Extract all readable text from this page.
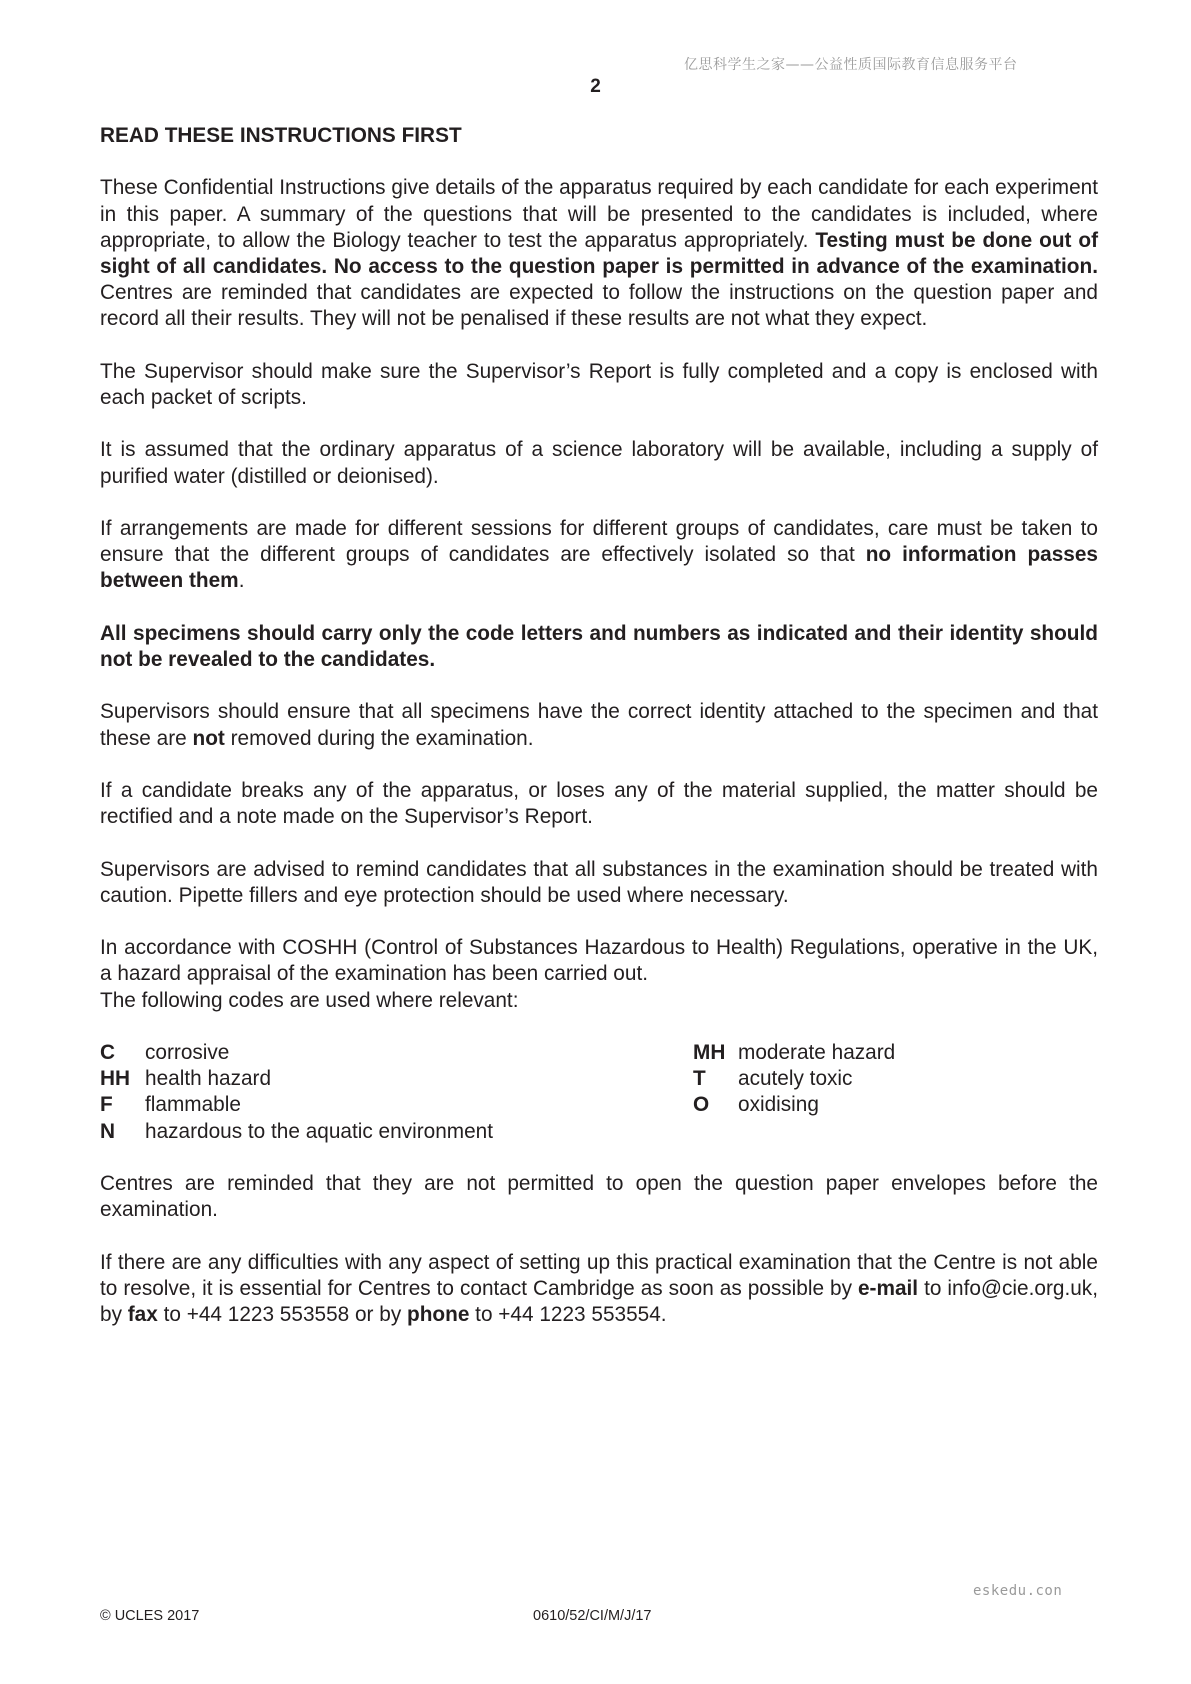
亿思科学生之家——公益性质国际教育信息服务平台
2
READ THESE INSTRUCTIONS FIRST

These Confidential Instructions give details of the apparatus required by each candidate for each experiment in this paper. A summary of the questions that will be presented to the candidates is included, where appropriate, to allow the Biology teacher to test the apparatus appropriately. Testing must be done out of sight of all candidates. No access to the question paper is permitted in advance of the examination. Centres are reminded that candidates are expected to follow the instructions on the question paper and record all their results. They will not be penalised if these results are not what they expect.

The Supervisor should make sure the Supervisor’s Report is fully completed and a copy is enclosed with each packet of scripts.

It is assumed that the ordinary apparatus of a science laboratory will be available, including a supply of purified water (distilled or deionised).

If arrangements are made for different sessions for different groups of candidates, care must be taken to ensure that the different groups of candidates are effectively isolated so that no information passes between them.

All specimens should carry only the code letters and numbers as indicated and their identity should not be revealed to the candidates.

Supervisors should ensure that all specimens have the correct identity attached to the specimen and that these are not removed during the examination.

If a candidate breaks any of the apparatus, or loses any of the material supplied, the matter should be rectified and a note made on the Supervisor’s Report.

Supervisors are advised to remind candidates that all substances in the examination should be treated with caution. Pipette fillers and eye protection should be used where necessary.

In accordance with COSHH (Control of Substances Hazardous to Health) Regulations, operative in the UK, a hazard appraisal of the examination has been carried out.
The following codes are used where relevant:

C corrosive
HH health hazard
F flammable
N hazardous to the aquatic environment
MH moderate hazard
T acutely toxic
O oxidising

Centres are reminded that they are not permitted to open the question paper envelopes before the examination.

If there are any difficulties with any aspect of setting up this practical examination that the Centre is not able to resolve, it is essential for Centres to contact Cambridge as soon as possible by e-mail to info@cie.org.uk, by fax to +44 1223 553558 or by phone to +44 1223 553554.

eskedu.con
© UCLES 2017	0610/52/CI/M/J/17
